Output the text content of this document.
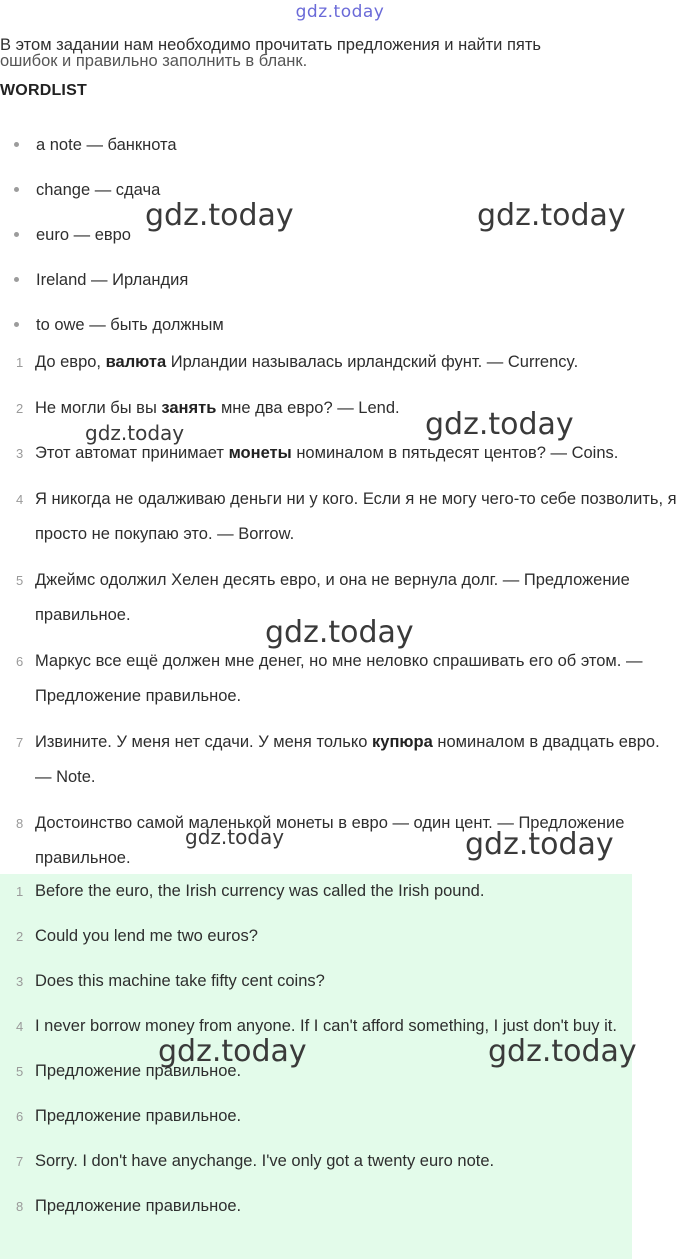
gdz.today
В этом задании нам необходимо прочитать предложения и найти пять
ошибок и правильно заполнить в бланк.
WORDLIST
a note — банкнота
change — сдача
euro — евро
Ireland — Ирландия
to owe — быть должным
1 До евро, валюта Ирландии называлась ирландский фунт. — Currency.
2 Не могли бы вы занять мне два евро? — Lend.
3 Этот автомат принимает монеты номиналом в пятьдесят центов? — Coins.
4 Я никогда не одалживаю деньги ни у кого. Если я не могу чего-то себе позволить, я просто не покупаю это. — Borrow.
5 Джеймс одолжил Хелен десять евро, и она не вернула долг. — Предложение правильное.
6 Маркус все ещё должен мне денег, но мне неловко спрашивать его об этом. — Предложение правильное.
7 Извините. У меня нет сдачи. У меня только купюра номиналом в двадцать евро. — Note.
8 Достоинство самой маленькой монеты в евро — один цент. — Предложение правильное.
1 Before the euro, the Irish currency was called the Irish pound.
2 Could you lend me two euros?
3 Does this machine take fifty cent coins?
4 I never borrow money from anyone. If I can't afford something, I just don't buy it.
5 Предложение правильное.
6 Предложение правильное.
7 Sorry. I don't have anychange. I've only got a twenty euro note.
8 Предложение правильное.
gdz.today	gdz.today
gdz.today	gdz.today
gdz.today
gdz.today	gdz.today
gdz.today	gdz.today
